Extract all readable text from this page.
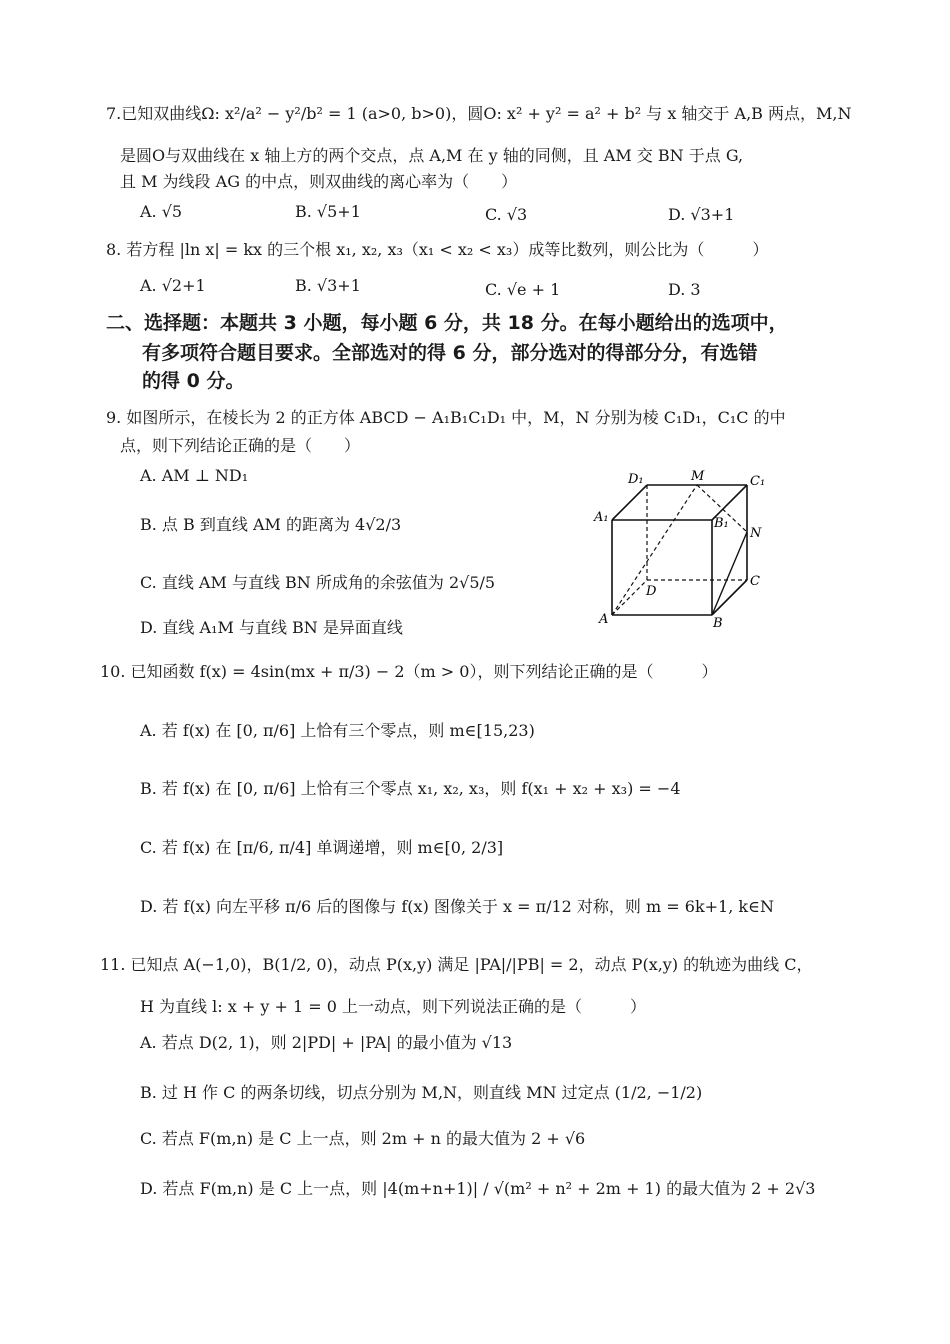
7.已知双曲线Ω: x²/a² − y²/b² = 1 (a>0, b>0)，圆O: x² + y² = a² + b² 与 x 轴交于 A,B 两点，M,N
是圆O与双曲线在 x 轴上方的两个交点，点 A,M 在 y 轴的同侧，且 AM 交 BN 于点 G,
且 M 为线段 AG 的中点，则双曲线的离心率为（　　）
A. √5	B. √5+1	C. √3	D. √3+1
8. 若方程 |ln x| = kx 的三个根 x₁, x₂, x₃（x₁ < x₂ < x₃）成等比数列，则公比为（　　　）
A. √2+1	B. √3+1	C. √e + 1	D. 3
二、选择题：本题共 3 小题，每小题 6 分，共 18 分。在每小题给出的选项中，
有多项符合题目要求。全部选对的得 6 分，部分选对的得部分分，有选错
的得 0 分。
9. 如图所示，在棱长为 2 的正方体 ABCD − A₁B₁C₁D₁ 中，M，N 分别为棱 C₁D₁，C₁C 的中
点，则下列结论正确的是（　　）
A. AM ⊥ ND₁
B. 点 B 到直线 AM 的距离为 4√2/3
C. 直线 AM 与直线 BN 所成角的余弦值为 2√5/5
D. 直线 A₁M 与直线 BN 是异面直线
D₁	M	C₁
A₁	B₁
N
D
C
A	B
10. 已知函数 f(x) = 4sin(mx + π/3) − 2（m > 0），则下列结论正确的是（　　　）
A. 若 f(x) 在 [0, π/6] 上恰有三个零点，则 m∈[15,23)
B. 若 f(x) 在 [0, π/6] 上恰有三个零点 x₁, x₂, x₃，则 f(x₁ + x₂ + x₃) = −4
C. 若 f(x) 在 [π/6, π/4] 单调递增，则 m∈[0, 2/3]
D. 若 f(x) 向左平移 π/6 后的图像与 f(x) 图像关于 x = π/12 对称，则 m = 6k+1, k∈N
11. 已知点 A(−1,0)，B(1/2, 0)，动点 P(x,y) 满足 |PA|/|PB| = 2，动点 P(x,y) 的轨迹为曲线 C，
H 为直线 l: x + y + 1 = 0 上一动点，则下列说法正确的是（　　　）
A. 若点 D(2, 1)，则 2|PD| + |PA| 的最小值为 √13
B. 过 H 作 C 的两条切线，切点分别为 M,N，则直线 MN 过定点 (1/2, −1/2)
C. 若点 F(m,n) 是 C 上一点，则 2m + n 的最大值为 2 + √6
D. 若点 F(m,n) 是 C 上一点，则 |4(m+n+1)| / √(m² + n² + 2m + 1) 的最大值为 2 + 2√3
